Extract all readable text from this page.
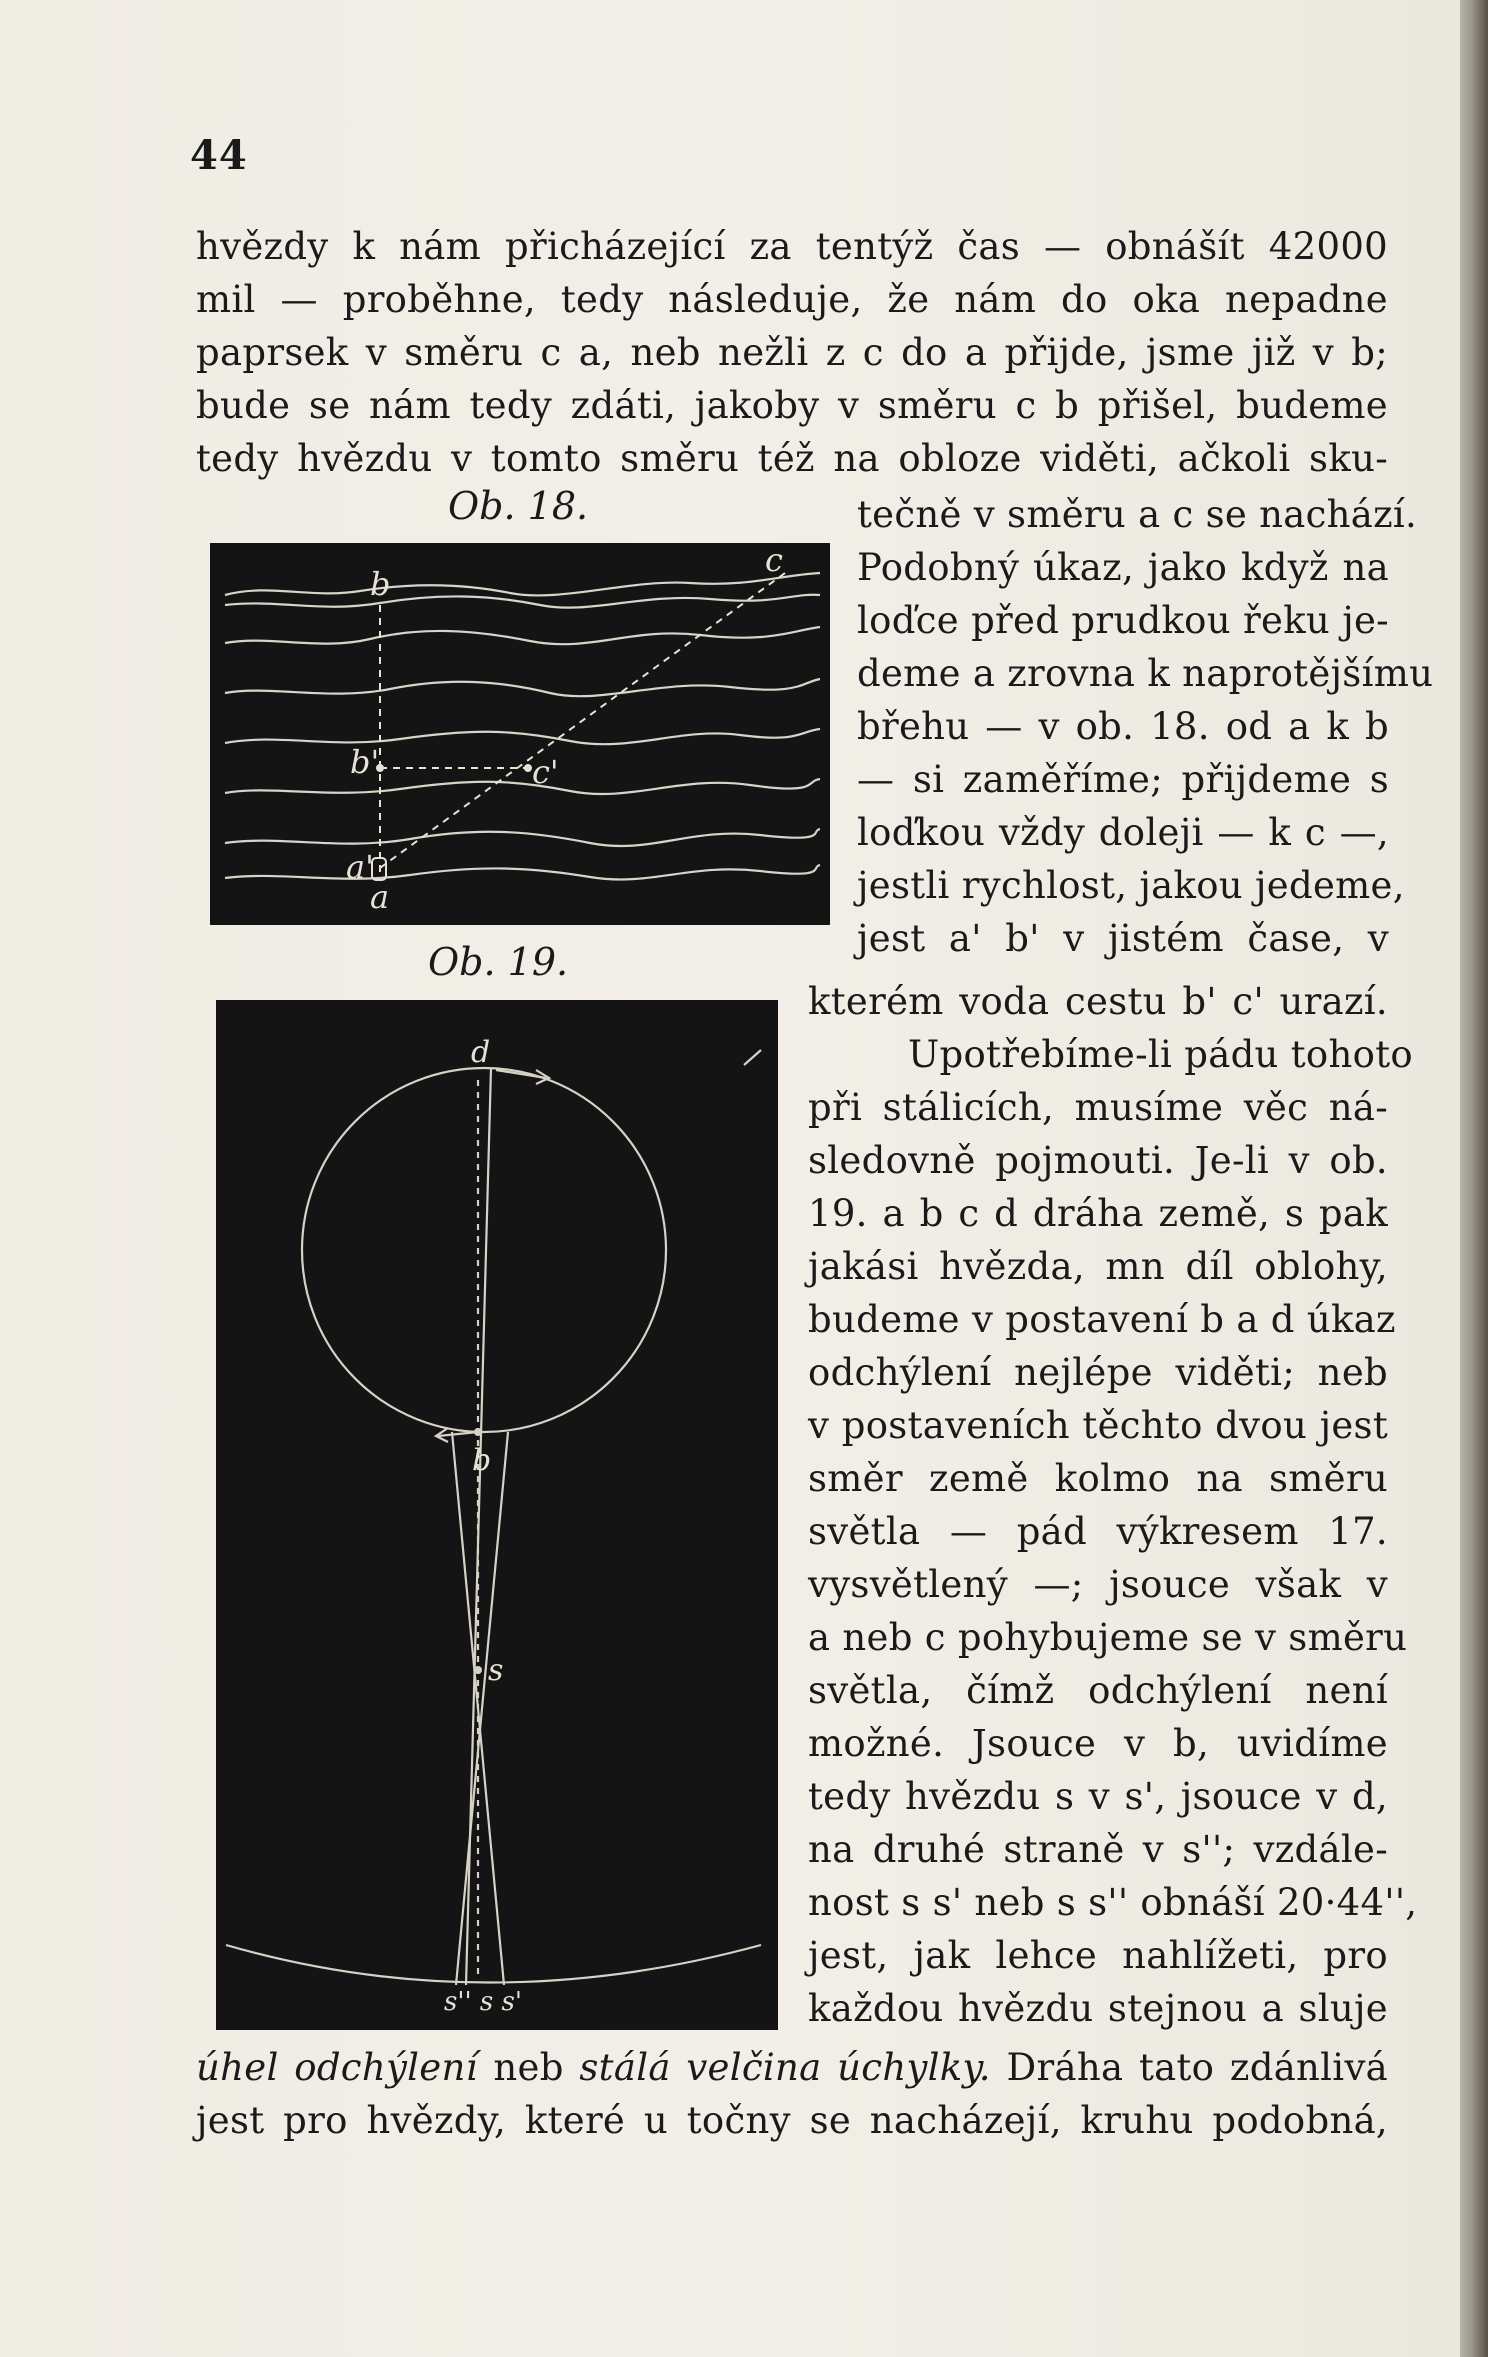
44
hvězdy k nám přicházející za tentýž čas — obnášít 42000
mil — proběhne, tedy následuje, že nám do oka nepadne
paprsek v směru c a, neb nežli z c do a přijde, jsme již v b;
bude se nám tedy zdáti, jakoby v směru c b přišel, budeme
tedy hvězdu v tomto směru též na obloze viděti, ačkoli sku-
Ob. 18.
b
c
b'	c'
a'
a
tečně v směru a c se nachází.
Podobný úkaz, jako když na
loďce před prudkou řeku je-
deme a zrovna k naprotějšímu
břehu — v ob. 18. od a k b
— si zaměříme; přijdeme s
loďkou vždy doleji — k c —,
jestli rychlost, jakou jedeme,
jest a' b' v jistém čase, v
Ob. 19.
d
b
s
s'' s s'
kterém voda cestu b' c' urazí.
Upotřebíme-li pádu tohoto
při stálicích, musíme věc ná-
sledovně pojmouti. Je-li v ob.
19. a b c d dráha země, s pak
jakási hvězda, mn díl oblohy,
budeme v postavení b a d úkaz
odchýlení nejlépe viděti; neb
v postaveních těchto dvou jest
směr země kolmo na směru
světla — pád výkresem 17.
vysvětlený —; jsouce však v
a neb c pohybujeme se v směru
světla, čímž odchýlení není
možné. Jsouce v b, uvidíme
tedy hvězdu s v s', jsouce v d,
na druhé straně v s''; vzdále-
nost s s' neb s s'' obnáší 20·44'',
jest, jak lehce nahlížeti, pro
každou hvězdu stejnou a sluje
úhel odchýlení neb stálá velčina úchylky. Dráha tato zdánlivá
jest pro hvězdy, které u točny se nacházejí, kruhu podobná,
